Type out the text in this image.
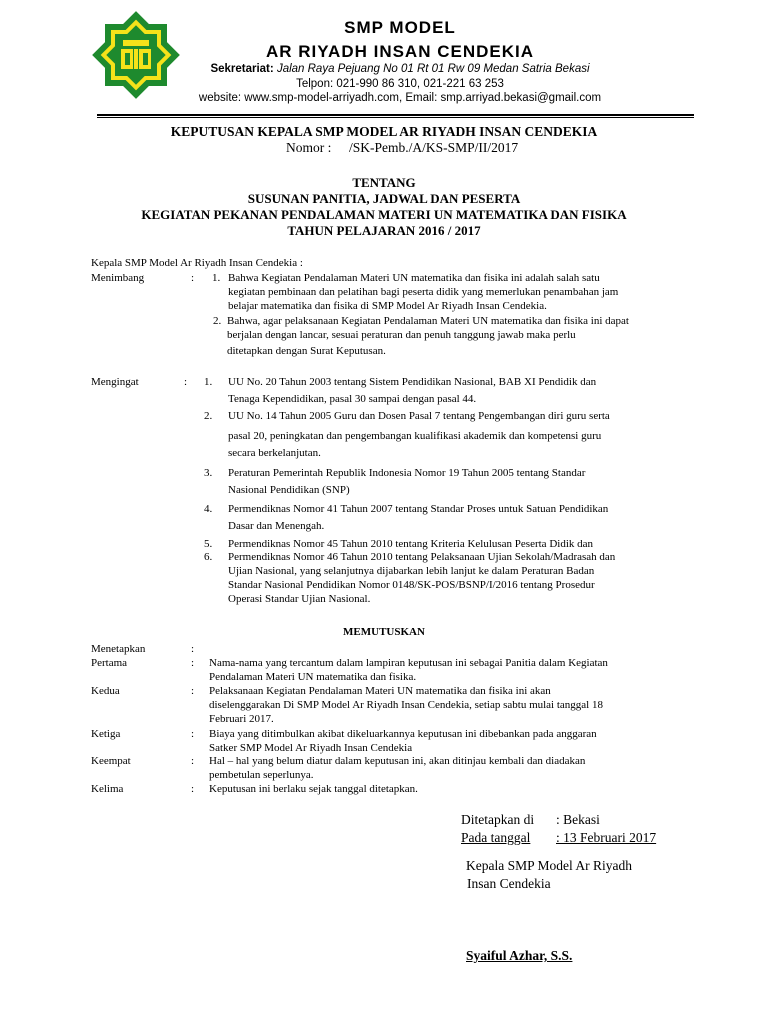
SMP MODEL
AR RIYADH INSAN CENDEKIA
Sekretariat: Jalan Raya Pejuang No 01 Rt 01 Rw 09 Medan Satria Bekasi
Telpon: 021-990 86 310, 021-221 63 253
website: www.smp-model-arriyadh.com, Email: smp.arriyad.bekasi@gmail.com
KEPUTUSAN KEPALA SMP MODEL AR RIYADH INSAN CENDEKIA
Nomor : /SK-Pemb./A/KS-SMP/II/2017
TENTANG
SUSUNAN PANITIA, JADWAL DAN PESERTA
KEGIATAN PEKANAN PENDALAMAN MATERI UN MATEMATIKA DAN FISIKA
TAHUN PELAJARAN 2016 / 2017
Kepala SMP Model Ar Riyadh Insan Cendekia :
Menimbang	: 1. Bahwa Kegiatan Pendalaman Materi UN matematika dan fisika ini adalah salah satu
kegiatan pembinaan dan pelatihan bagi peserta didik yang memerlukan penambahan jam
belajar matematika dan fisika di SMP Model Ar Riyadh Insan Cendekia.
2. Bahwa, agar pelaksanaan Kegiatan Pendalaman Materi UN matematika dan fisika ini dapat
berjalan dengan lancar, sesuai peraturan dan penuh tanggung jawab maka perlu
ditetapkan dengan Surat Keputusan.
Mengingat	: 1. UU No. 20 Tahun 2003 tentang Sistem Pendidikan Nasional, BAB XI Pendidik dan
Tenaga Kependidikan, pasal 30 sampai dengan pasal 44.
2. UU No. 14 Tahun 2005 Guru dan Dosen Pasal 7 tentang Pengembangan diri guru serta
pasal 20, peningkatan dan pengembangan kualifikasi akademik dan kompetensi guru
secara berkelanjutan.
3. Peraturan Pemerintah Republik Indonesia Nomor 19 Tahun 2005 tentang Standar
Nasional Pendidikan (SNP)
4. Permendiknas Nomor 41 Tahun 2007 tentang Standar Proses untuk Satuan Pendidikan
Dasar dan Menengah.
5. Permendiknas Nomor 45 Tahun 2010 tentang Kriteria Kelulusan Peserta Didik dan
6. Permendiknas Nomor 46 Tahun 2010 tentang Pelaksanaan Ujian Sekolah/Madrasah dan
Ujian Nasional, yang selanjutnya dijabarkan lebih lanjut ke dalam Peraturan Badan
Standar Nasional Pendidikan Nomor 0148/SK-POS/BSNP/I/2016 tentang Prosedur
Operasi Standar Ujian Nasional.
MEMUTUSKAN
Menetapkan	:
Pertama	: Nama-nama yang tercantum dalam lampiran keputusan ini sebagai Panitia dalam Kegiatan
Pendalaman Materi UN matematika dan fisika.
Kedua	: Pelaksanaan Kegiatan Pendalaman Materi UN matematika dan fisika ini akan
diselenggarakan Di SMP Model Ar Riyadh Insan Cendekia, setiap sabtu mulai tanggal 18
Februari 2017.
Ketiga	: Biaya yang ditimbulkan akibat dikeluarkannya keputusan ini dibebankan pada anggaran
Satker SMP Model Ar Riyadh Insan Cendekia
Keempat	: Hal – hal yang belum diatur dalam keputusan ini, akan ditinjau kembali dan diadakan
pembetulan seperlunya.
Kelima	: Keputusan ini berlaku sejak tanggal ditetapkan.
Ditetapkan di : Bekasi
Pada tanggal : 13 Februari 2017
Kepala SMP Model Ar Riyadh
Insan Cendekia
Syaiful Azhar, S.S.
